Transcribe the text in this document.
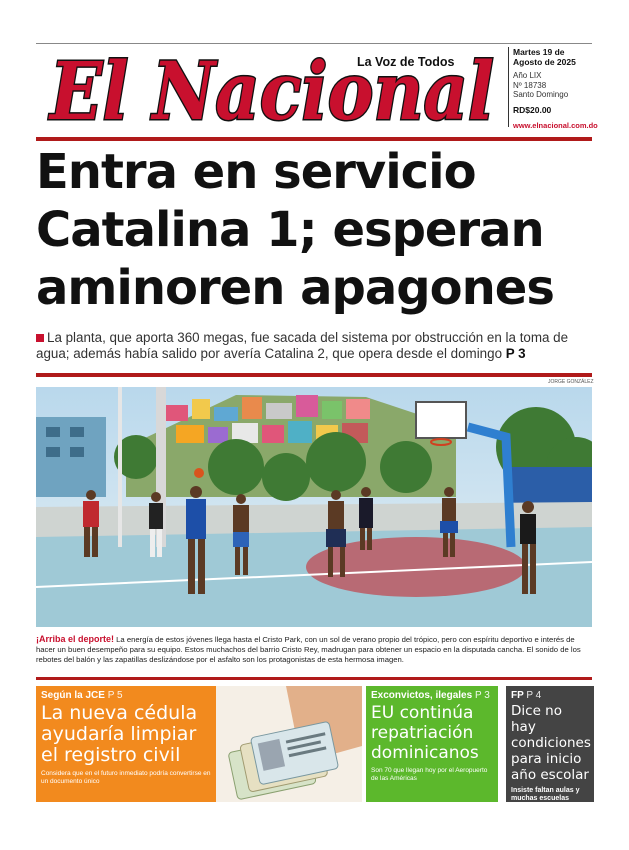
El Nacional
La Voz de Todos
Martes 19 de
Agosto de 2025
Año LIX
Nº 18738
Santo Domingo
RD$20.00
www.elnacional.com.do
Entra en servicio
Catalina 1; esperan
aminoren apagones
La planta, que aporta 360 megas, fue sacada del sistema por obstrucción en la toma de agua; además había salido por avería Catalina 2, que opera desde el domingo P 3
JORGE GONZÁLEZ
¡Arriba el deporte! La energía de estos jóvenes llega hasta el Cristo Park, con un sol de verano propio del trópico, pero con espíritu deportivo e interés de hacer un buen desempeño para su equipo. Estos muchachos del barrio Cristo Rey, madrugan para obtener un espacio en la disputada cancha. El sonido de los rebotes del balón y las zapatillas deslizándose por el asfalto son los protagonistas de esta hermosa imagen.
Según la JCE P 5
La nueva cédula ayudaría limpiar el registro civil
Considera que en el futuro inmediato podría convertirse en un documento único
Exconvictos, ilegales P 3
EU continúa repatriación dominicanos
Son 70 que llegan hoy por el Aeropuerto de las Américas
FP P 4
Dice no hay condiciones para inicio año escolar
Insiste faltan aulas y muchas escuelas
